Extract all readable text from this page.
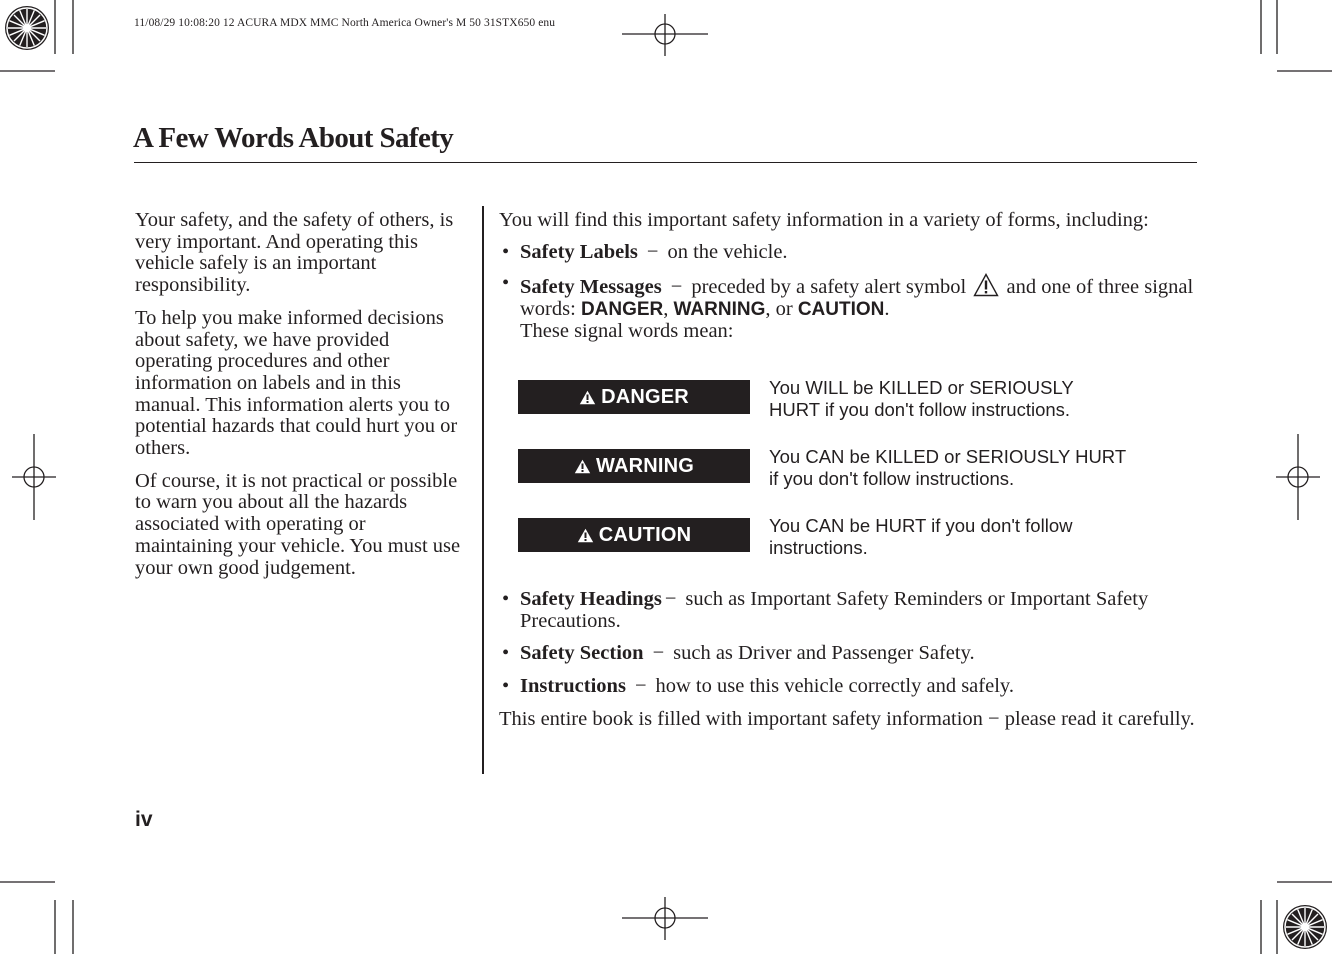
11/08/29 10:08:20 12 ACURA MDX MMC North America Owner's M 50 31STX650 enu
A Few Words About Safety

Your safety, and the safety of others, is very important. And operating this vehicle safely is an important responsibility.

To help you make informed decisions about safety, we have provided operating procedures and other information on labels and in this manual. This information alerts you to potential hazards that could hurt you or others.

Of course, it is not practical or possible to warn you about all the hazards associated with operating or maintaining your vehicle. You must use your own good judgement.

You will find this important safety information in a variety of forms, including:

• Safety Labels − on the vehicle.
• Safety Messages − preceded by a safety alert symbol and one of three signal words: DANGER, WARNING, or CAUTION.

These signal words mean:

DANGER	You WILL be KILLED or SERIOUSLY HURT if you don't follow instructions.
WARNING	You CAN be KILLED or SERIOUSLY HURT if you don't follow instructions.
CAUTION	You CAN be HURT if you don't follow instructions.
• Safety Headings − such as Important Safety Reminders or Important Safety Precautions.
• Safety Section − such as Driver and Passenger Safety.
• Instructions − how to use this vehicle correctly and safely.

This entire book is filled with important safety information − please read it carefully.

iv
